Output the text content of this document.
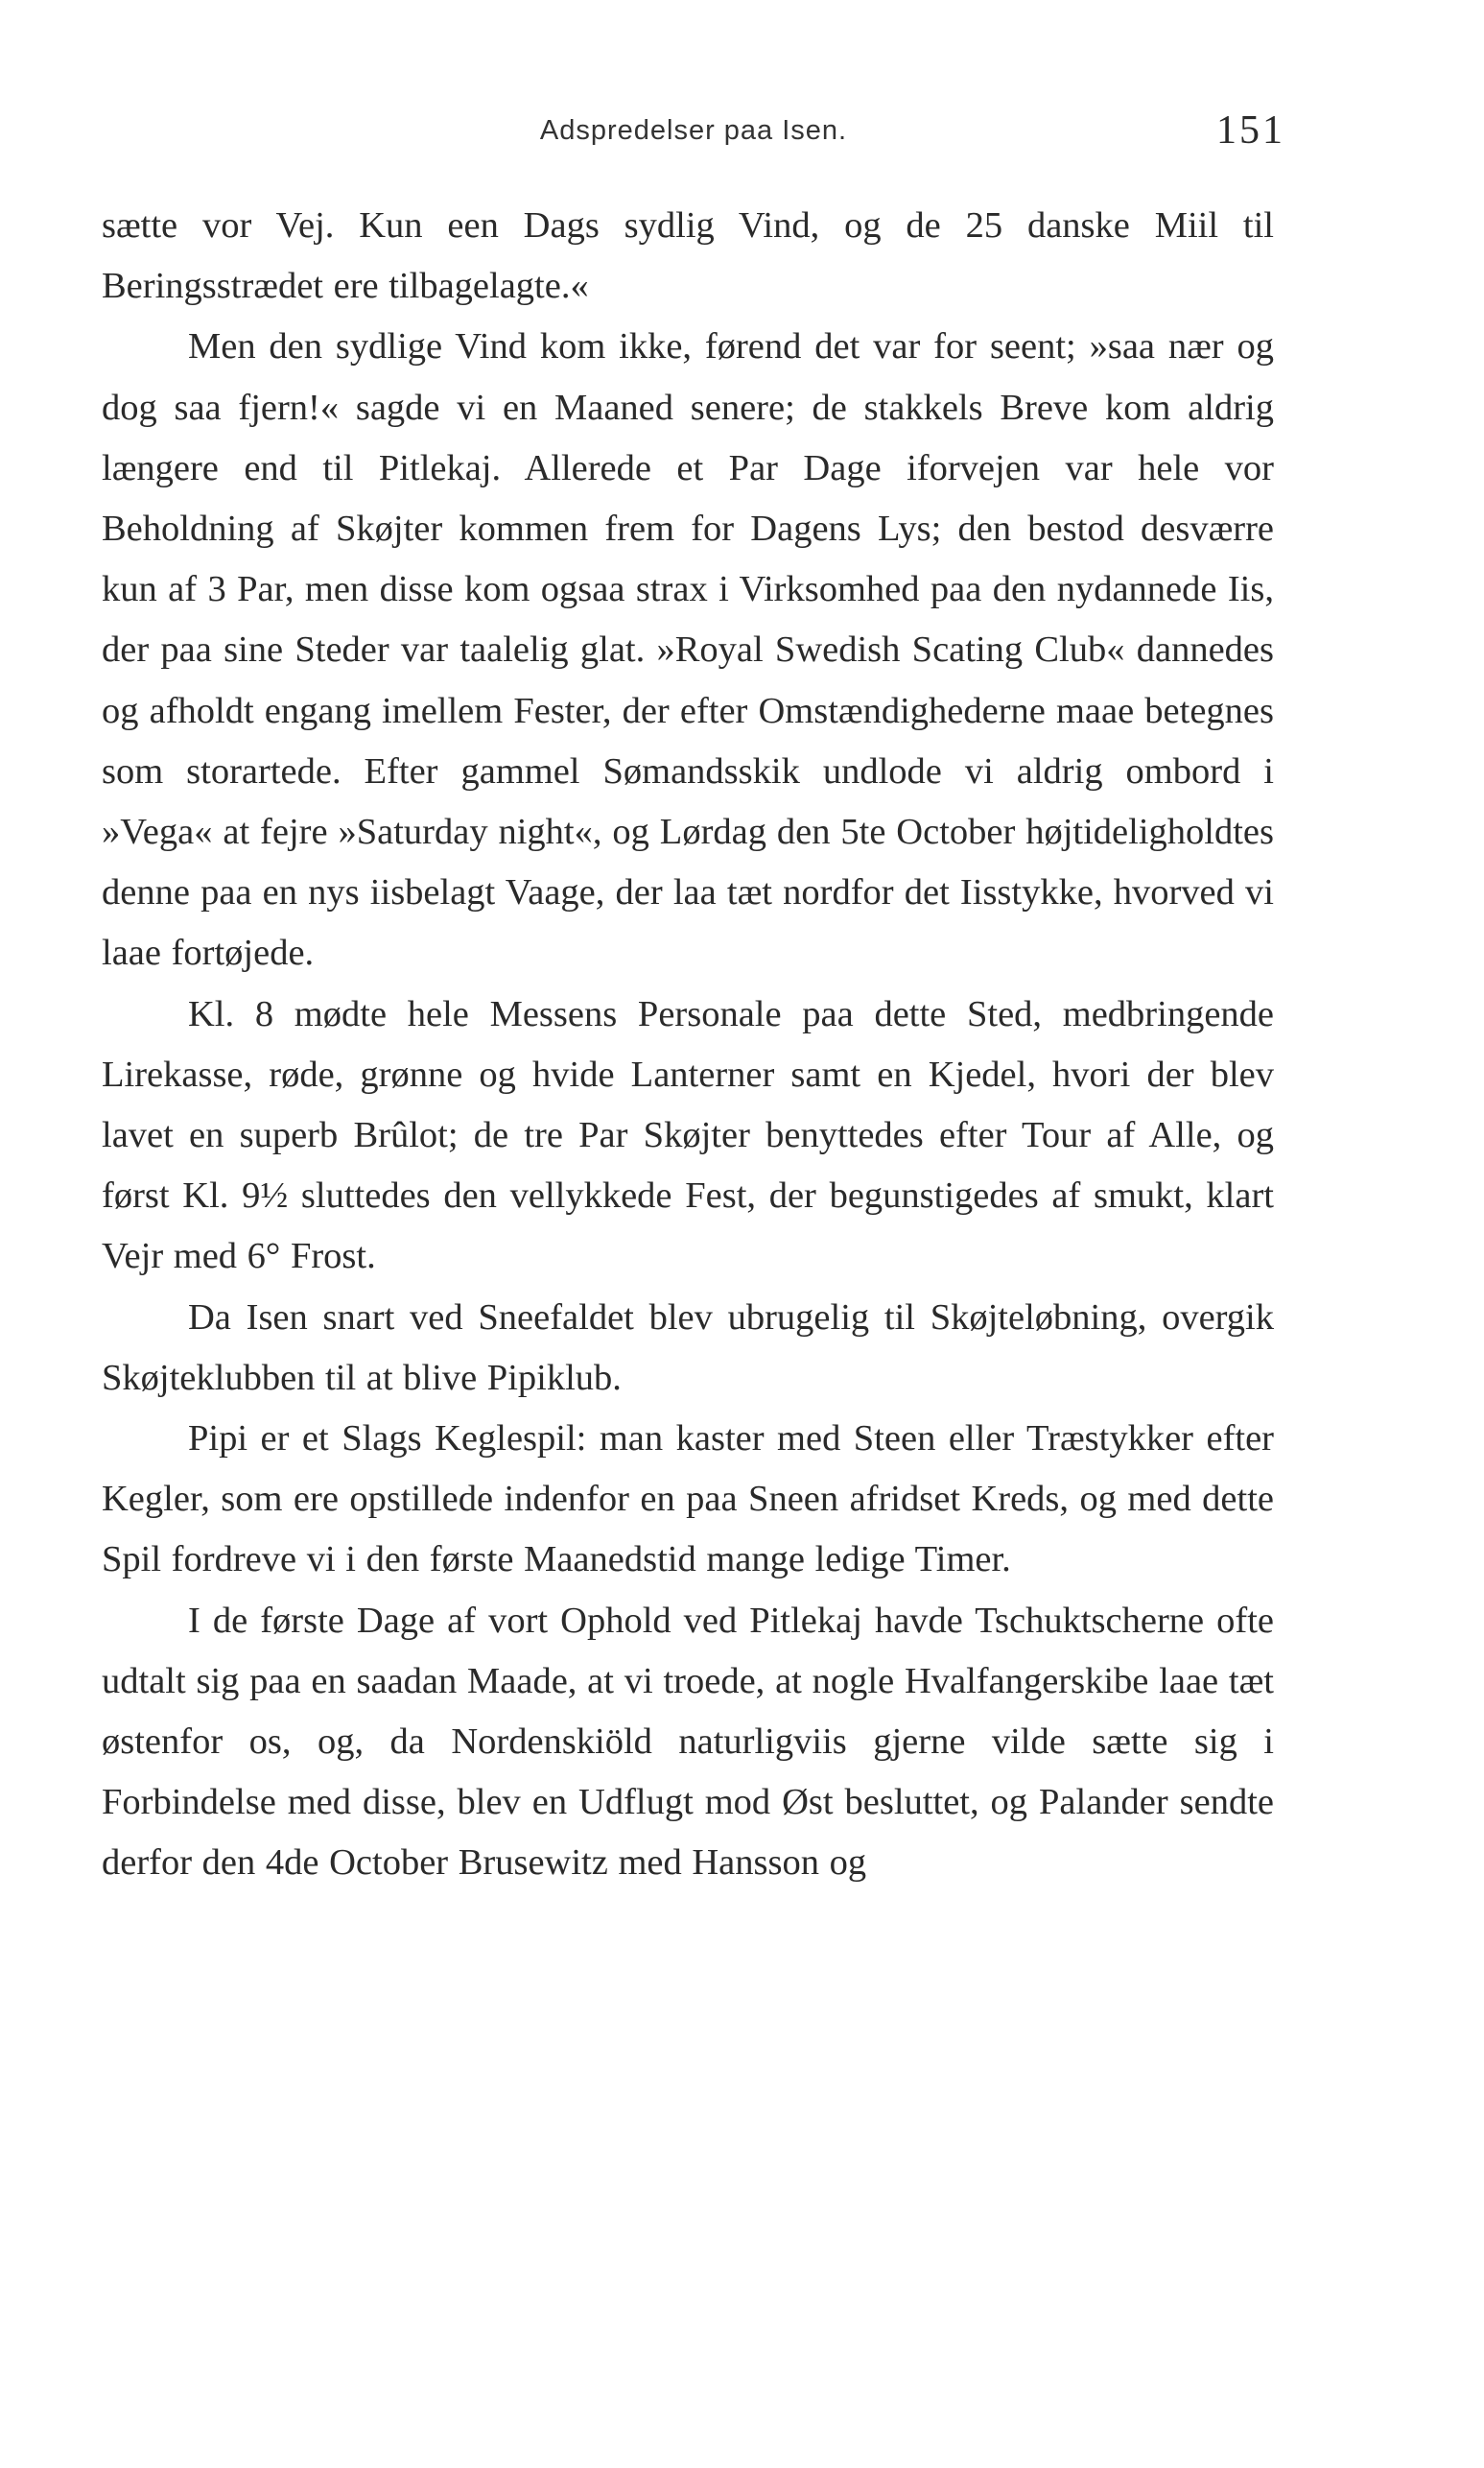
Adspredelser paa Isen.	151

sætte vor Vej. Kun een Dags sydlig Vind, og de 25 danske Miil til Beringsstrædet ere tilbagelagte.«

Men den sydlige Vind kom ikke, førend det var for seent; »saa nær og dog saa fjern!« sagde vi en Maaned senere; de stakkels Breve kom aldrig længere end til Pitlekaj. Allerede et Par Dage iforvejen var hele vor Beholdning af Skøjter kommen frem for Dagens Lys; den bestod desværre kun af 3 Par, men disse kom ogsaa strax i Virksomhed paa den nydannede Iis, der paa sine Steder var taalelig glat. »Royal Swedish Scating Club« dannedes og afholdt engang imellem Fester, der efter Omstændighederne maae betegnes som storartede. Efter gammel Sømandsskik undlode vi aldrig ombord i »Vega« at fejre »Saturday night«, og Lørdag den 5te October højtideligholdtes denne paa en nys iisbelagt Vaage, der laa tæt nordfor det Iisstykke, hvorved vi laae fortøjede.

Kl. 8 mødte hele Messens Personale paa dette Sted, medbringende Lirekasse, røde, grønne og hvide Lanterner samt en Kjedel, hvori der blev lavet en superb Brûlot; de tre Par Skøjter benyttedes efter Tour af Alle, og først Kl. 9½ sluttedes den vellykkede Fest, der begunstigedes af smukt, klart Vejr med 6° Frost.

Da Isen snart ved Sneefaldet blev ubrugelig til Skøjteløbning, overgik Skøjteklubben til at blive Pipiklub.

Pipi er et Slags Keglespil: man kaster med Steen eller Træstykker efter Kegler, som ere opstillede indenfor en paa Sneen afridset Kreds, og med dette Spil fordreve vi i den første Maanedstid mange ledige Timer.

I de første Dage af vort Ophold ved Pitlekaj havde Tschuktscherne ofte udtalt sig paa en saadan Maade, at vi troede, at nogle Hvalfangerskibe laae tæt østenfor os, og, da Nordenskiöld naturligviis gjerne vilde sætte sig i Forbindelse med disse, blev en Udflugt mod Øst besluttet, og Palander sendte derfor den 4de October Brusewitz med Hansson og
